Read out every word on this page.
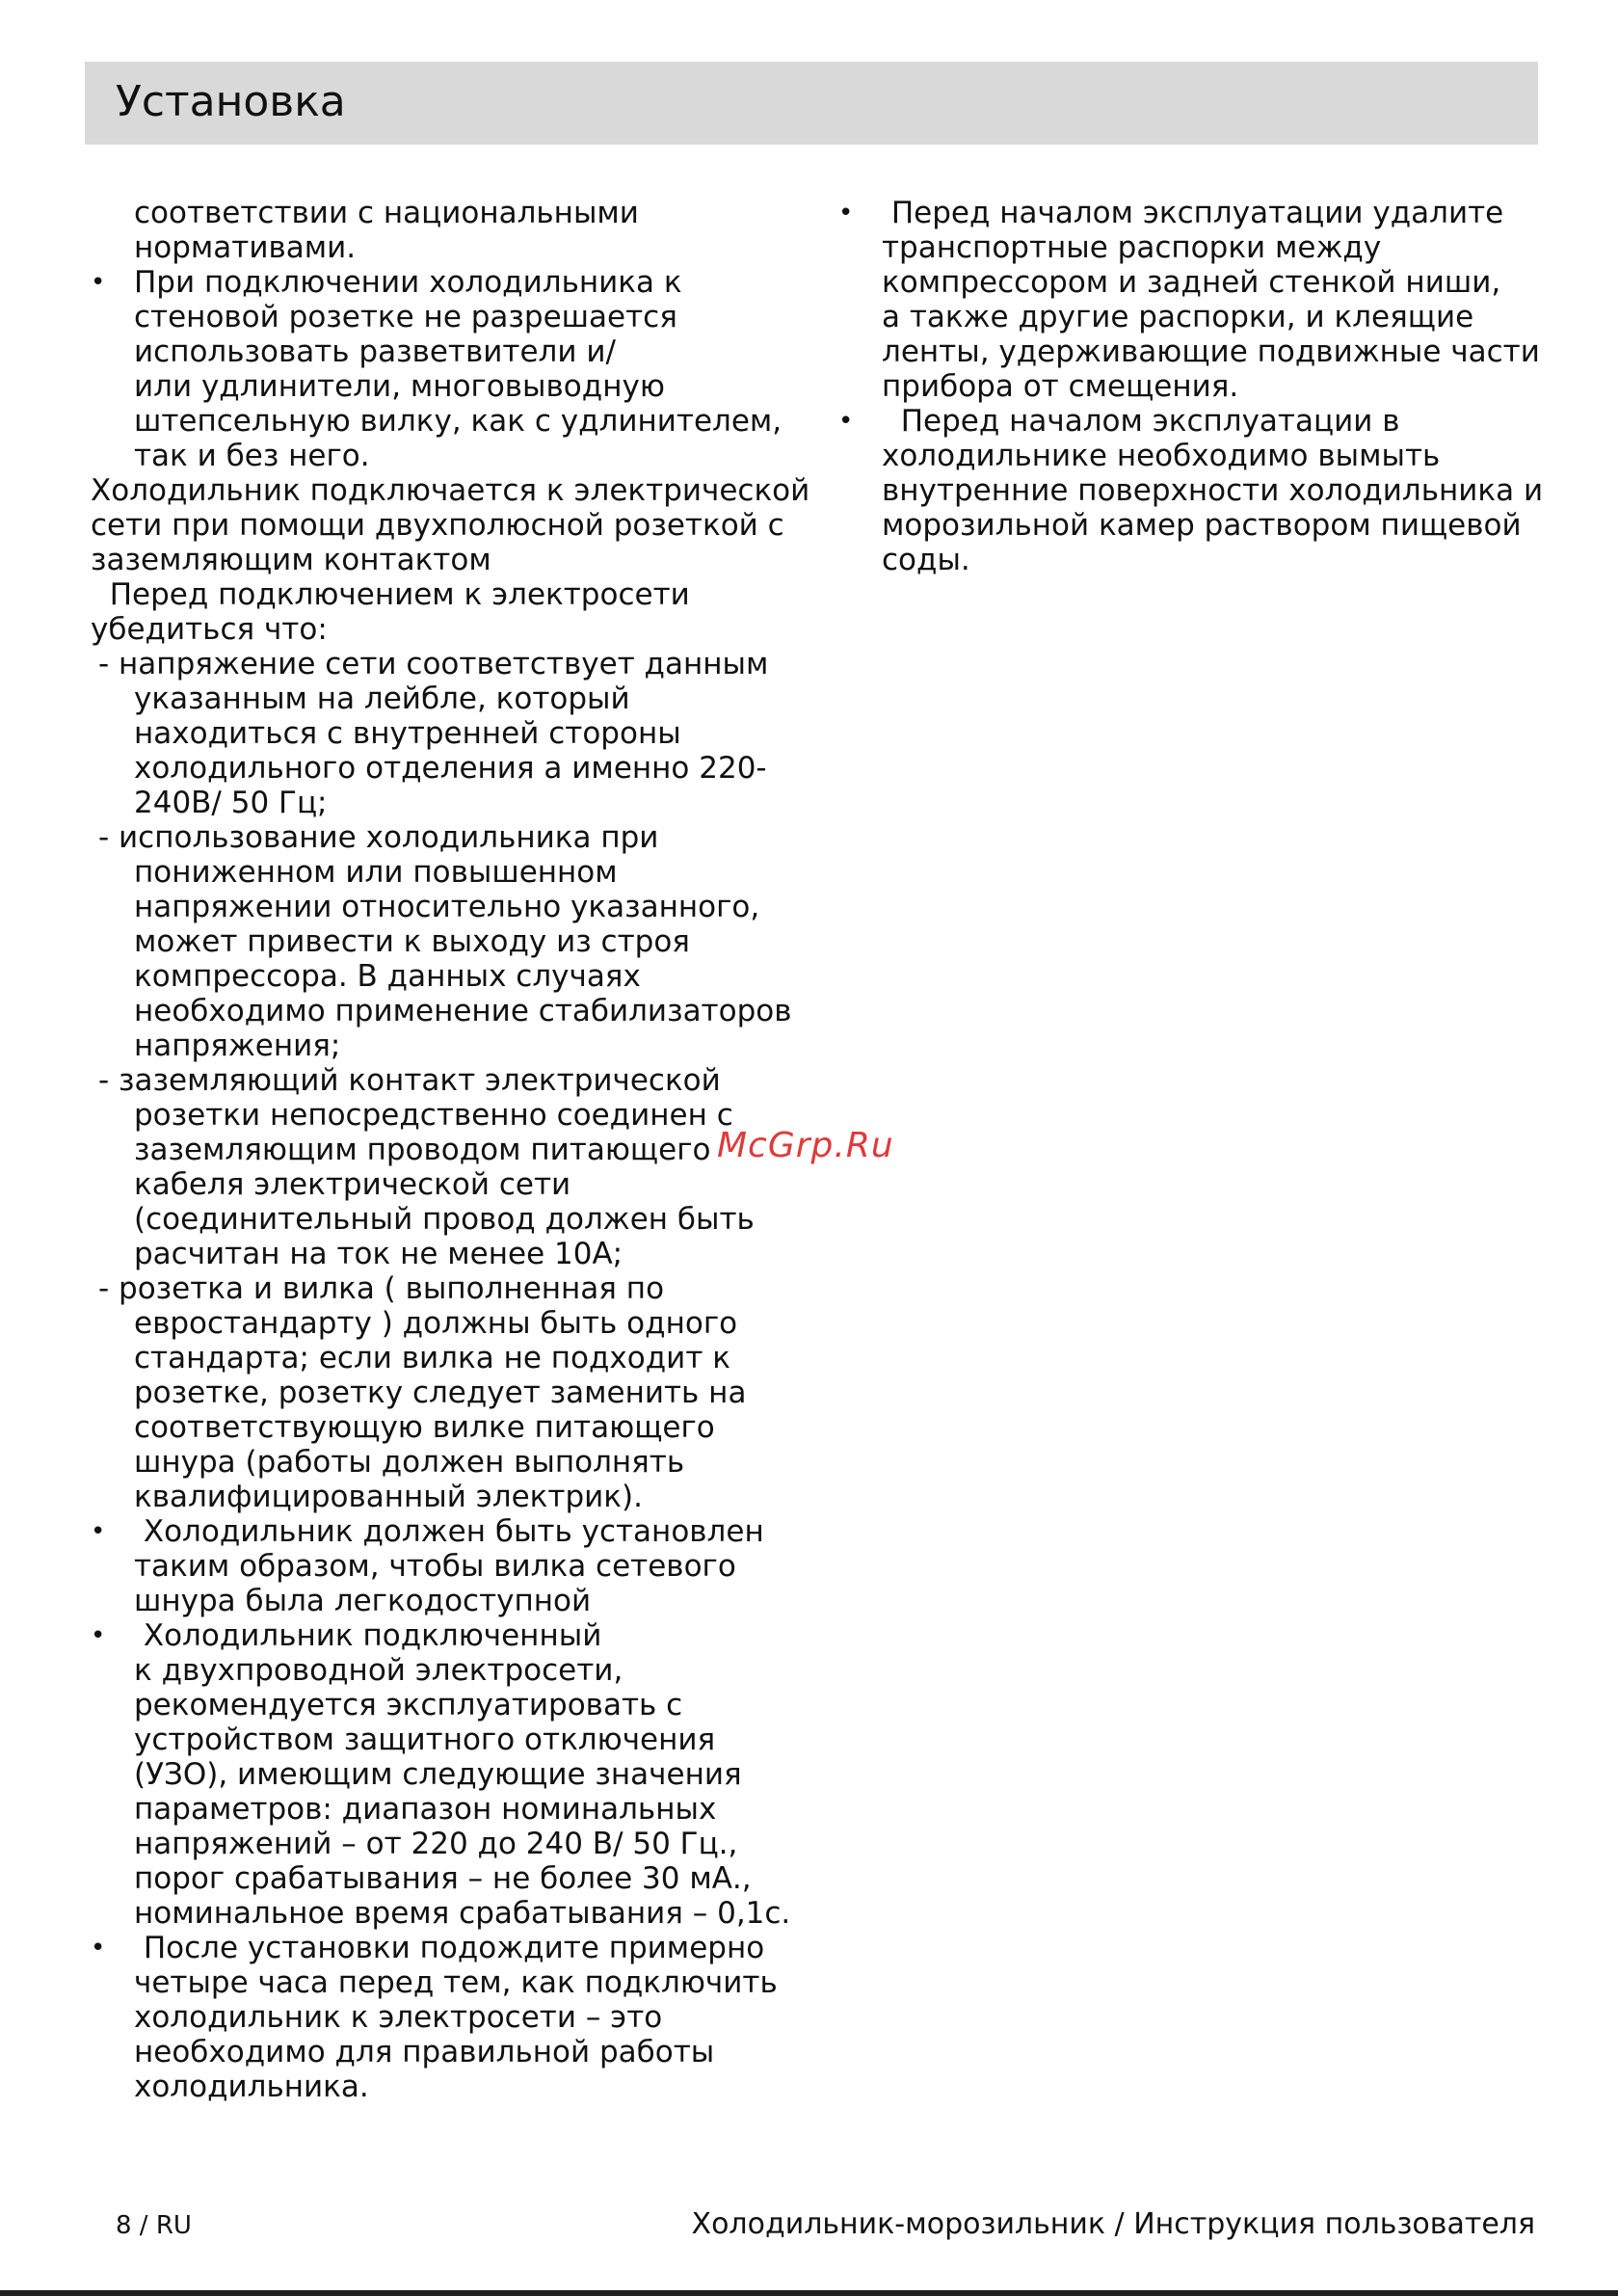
Установка
соответствии с национальными
нормативами.
• При подключении холодильника к
стеновой розетке не разрешается
использовать разветвители и/
или удлинители, многовыводную
штепсельную вилку, как с удлинителем,
так и без него.
Холодильник подключается к электрической
сети при помощи двухполюсной розеткой с
заземляющим контактом
Перед подключением к электросети
убедиться что:
- напряжение сети соответствует данным
указанным на лейбле, который
находиться с внутренней стороны
холодильного отделения а именно 220-
240В/ 50 Гц;
- использование холодильника при
пониженном или повышенном
напряжении относительно указанного,
может привести к выходу из строя
компрессора. В данных случаях
необходимо применение стабилизаторов
напряжения;
- заземляющий контакт электрической
розетки непосредственно соединен с
заземляющим проводом питающего
кабеля электрической сети
(соединительный провод должен быть
расчитан на ток не менее 10А;
- розетка и вилка ( выполненная по
евростандарту ) должны быть одного
стандарта; если вилка не подходит к
розетке, розетку следует заменить на
соответствующую вилке питающего
шнура (работы должен выполнять
квалифицированный электрик).
• Холодильник должен быть установлен
таким образом, чтобы вилка сетевого
шнура была легкодоступной
• Холодильник подключенный
к двухпроводной электросети,
рекомендуется эксплуатировать с
устройством защитного отключения
(УЗО), имеющим следующие значения
параметров: диапазон номинальных
напряжений – от 220 до 240 В/ 50 Гц.,
порог срабатывания – не более 30 мА.,
номинальное время срабатывания – 0,1с.
• После установки подождите примерно
четыре часа перед тем, как подключить
холодильник к электросети – это
необходимо для правильной работы
холодильника.
• Перед началом эксплуатации удалите
транспортные распорки между
компрессором и задней стенкой ниши,
а также другие распорки, и клеящие
ленты, удерживающие подвижные части
прибора от смещения.
• Перед началом эксплуатации в
холодильнике необходимо вымыть
внутренние поверхности холодильника и
морозильной камер раствором пищевой
соды.
McGrp.Ru
8 / RU	Холодильник-морозильник / Инструкция пользователя
